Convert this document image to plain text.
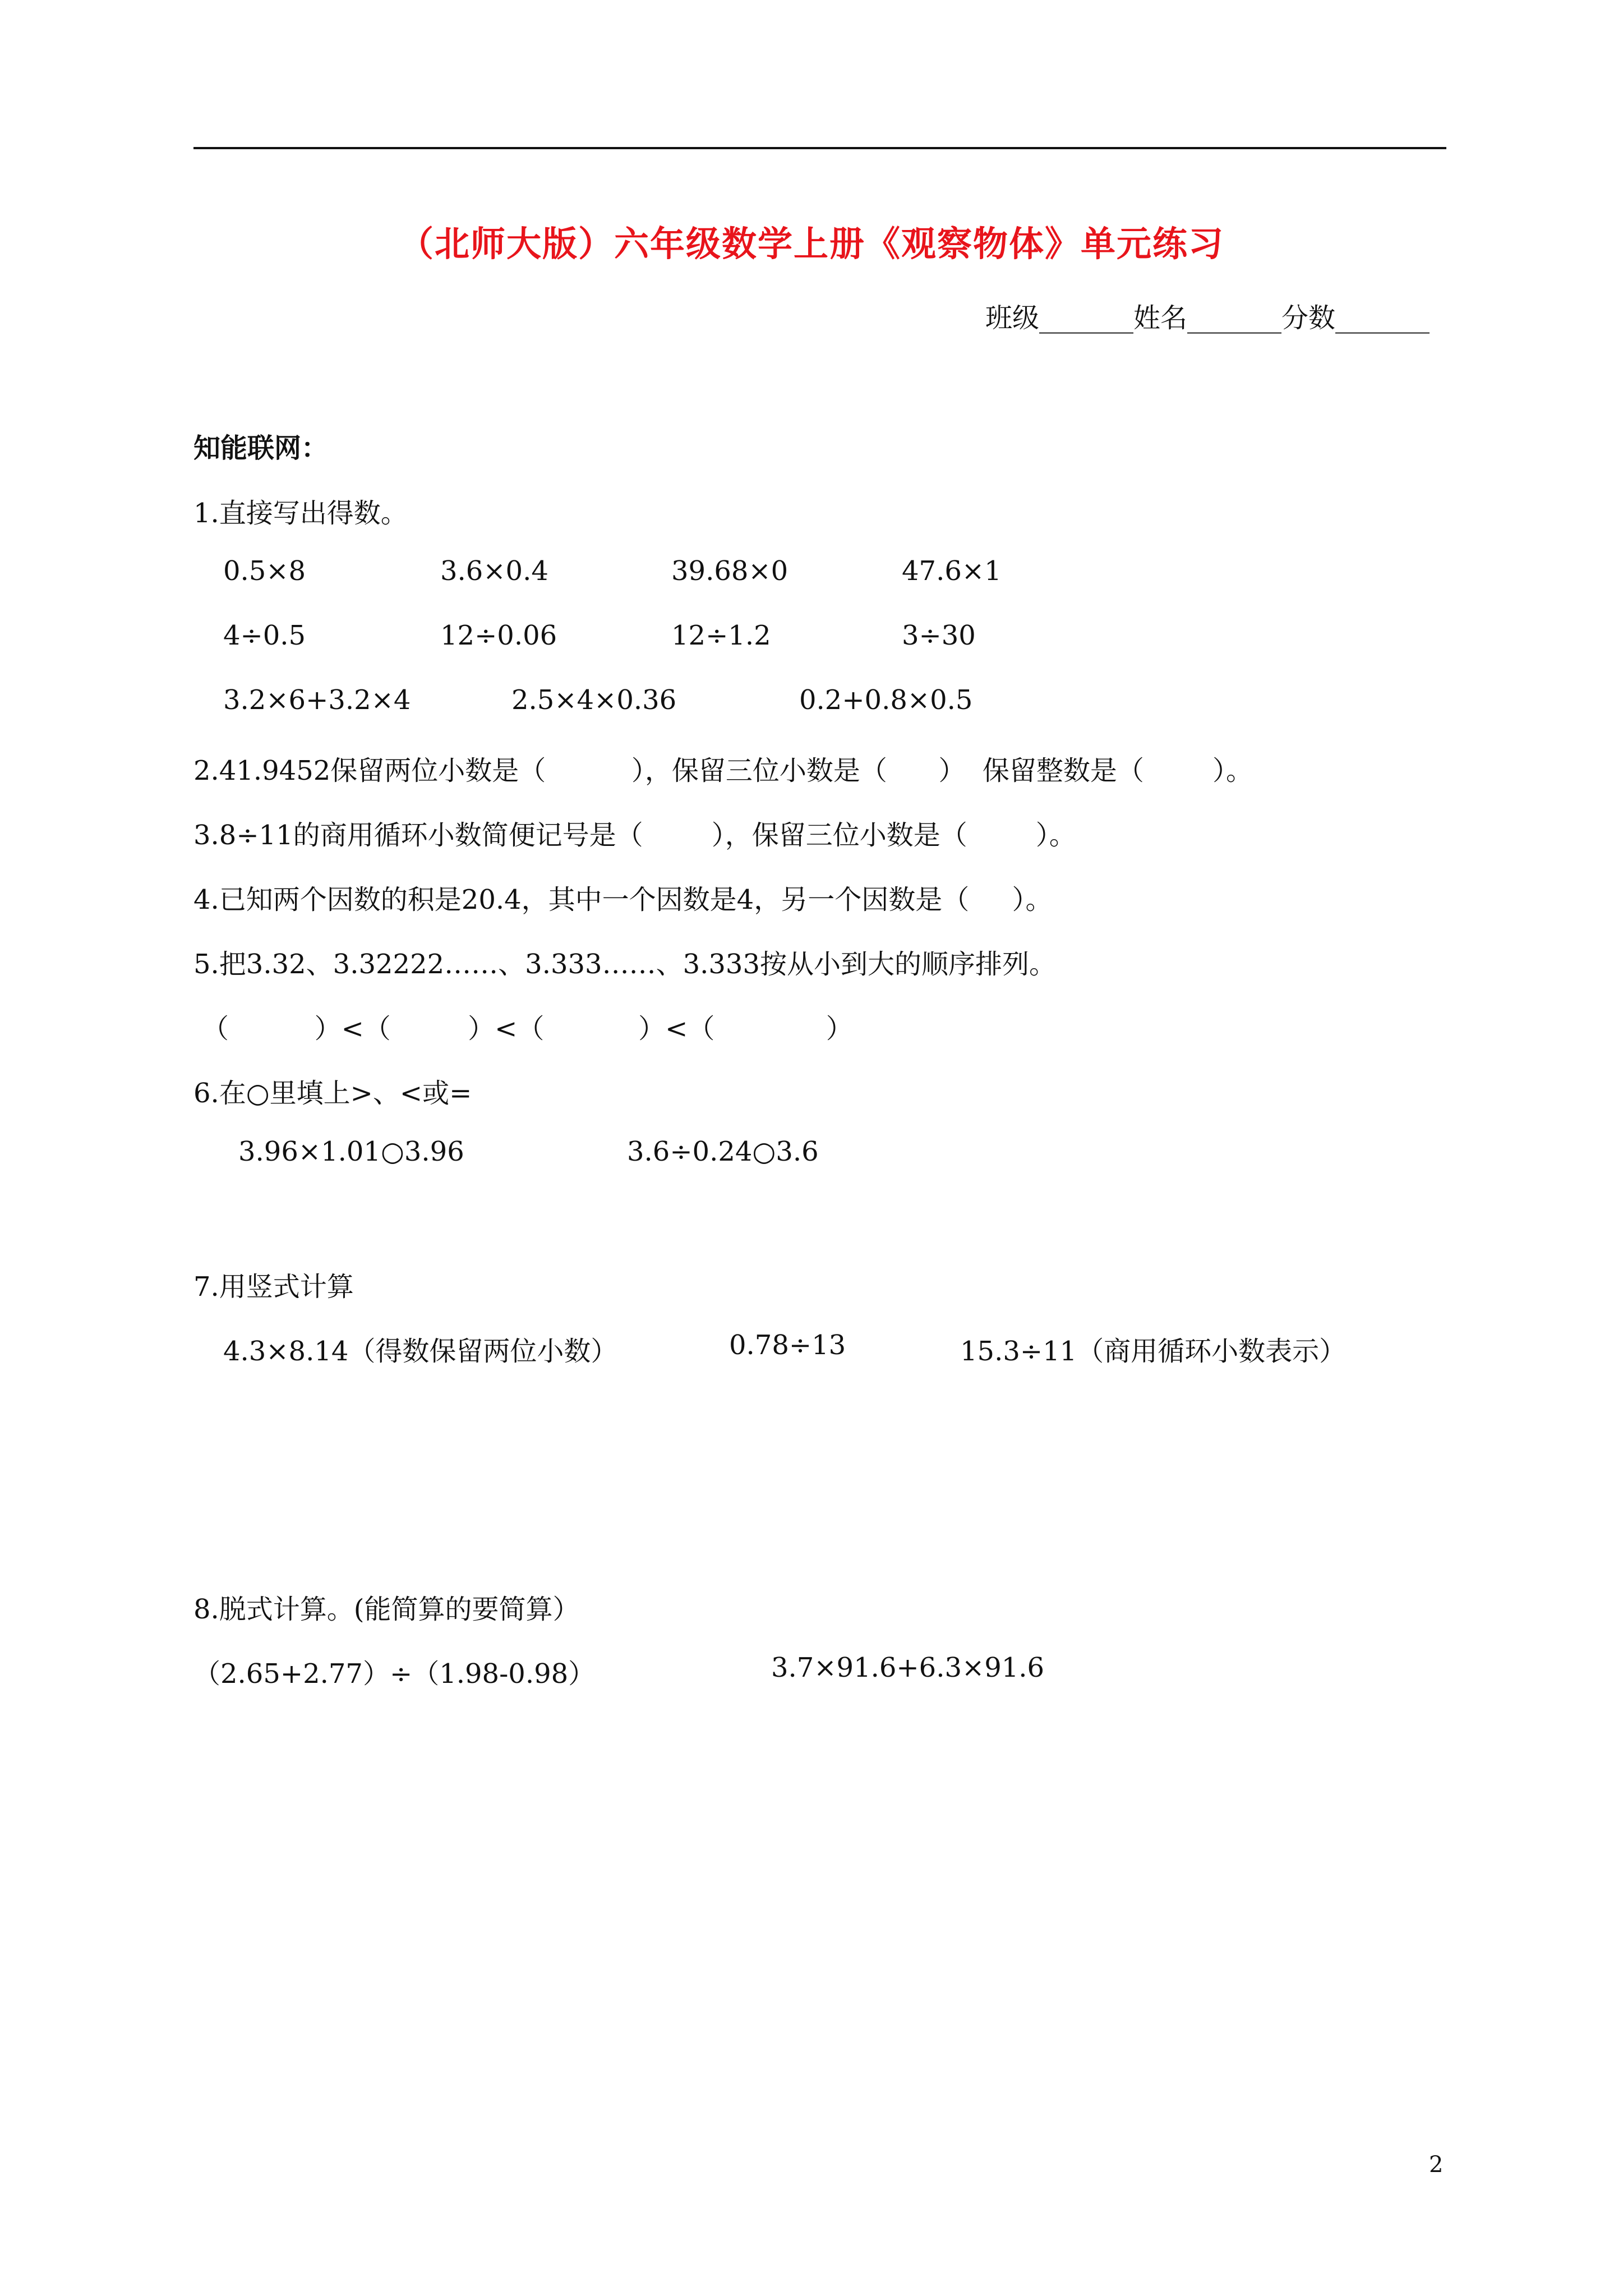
（北师大版）六年级数学上册《观察物体》单元练习
班级_______姓名_______分数_______
知能联网：
1.直接写出得数。
0.5×8	3.6×0.4	39.68×0	47.6×1
4÷0.5	12÷0.06	12÷1.2	3÷30
3.2×6+3.2×4	2.5×4×0.36	0.2+0.8×0.5
2.41.9452保留两位小数是（          ），保留三位小数是（      ）  保留整数是（        ）。
3.8÷11的商用循环小数简便记号是（        ），保留三位小数是（        ）。
4.已知两个因数的积是20.4，其中一个因数是4，另一个因数是（     ）。
5.把3.32、3.32222……、3.333……、3.333按从小到大的顺序排列。
（          ）<（         ）<（           ）<（             ）
6.在○里填上>、<或=
3.96×1.01○3.96	3.6÷0.24○3.6
7.用竖式计算
4.3×8.14（得数保留两位小数）	0.78÷13	15.3÷11（商用循环小数表示）
8.脱式计算。(能简算的要简算）
（2.65+2.77）÷（1.98-0.98）	3.7×91.6+6.3×91.6
2
